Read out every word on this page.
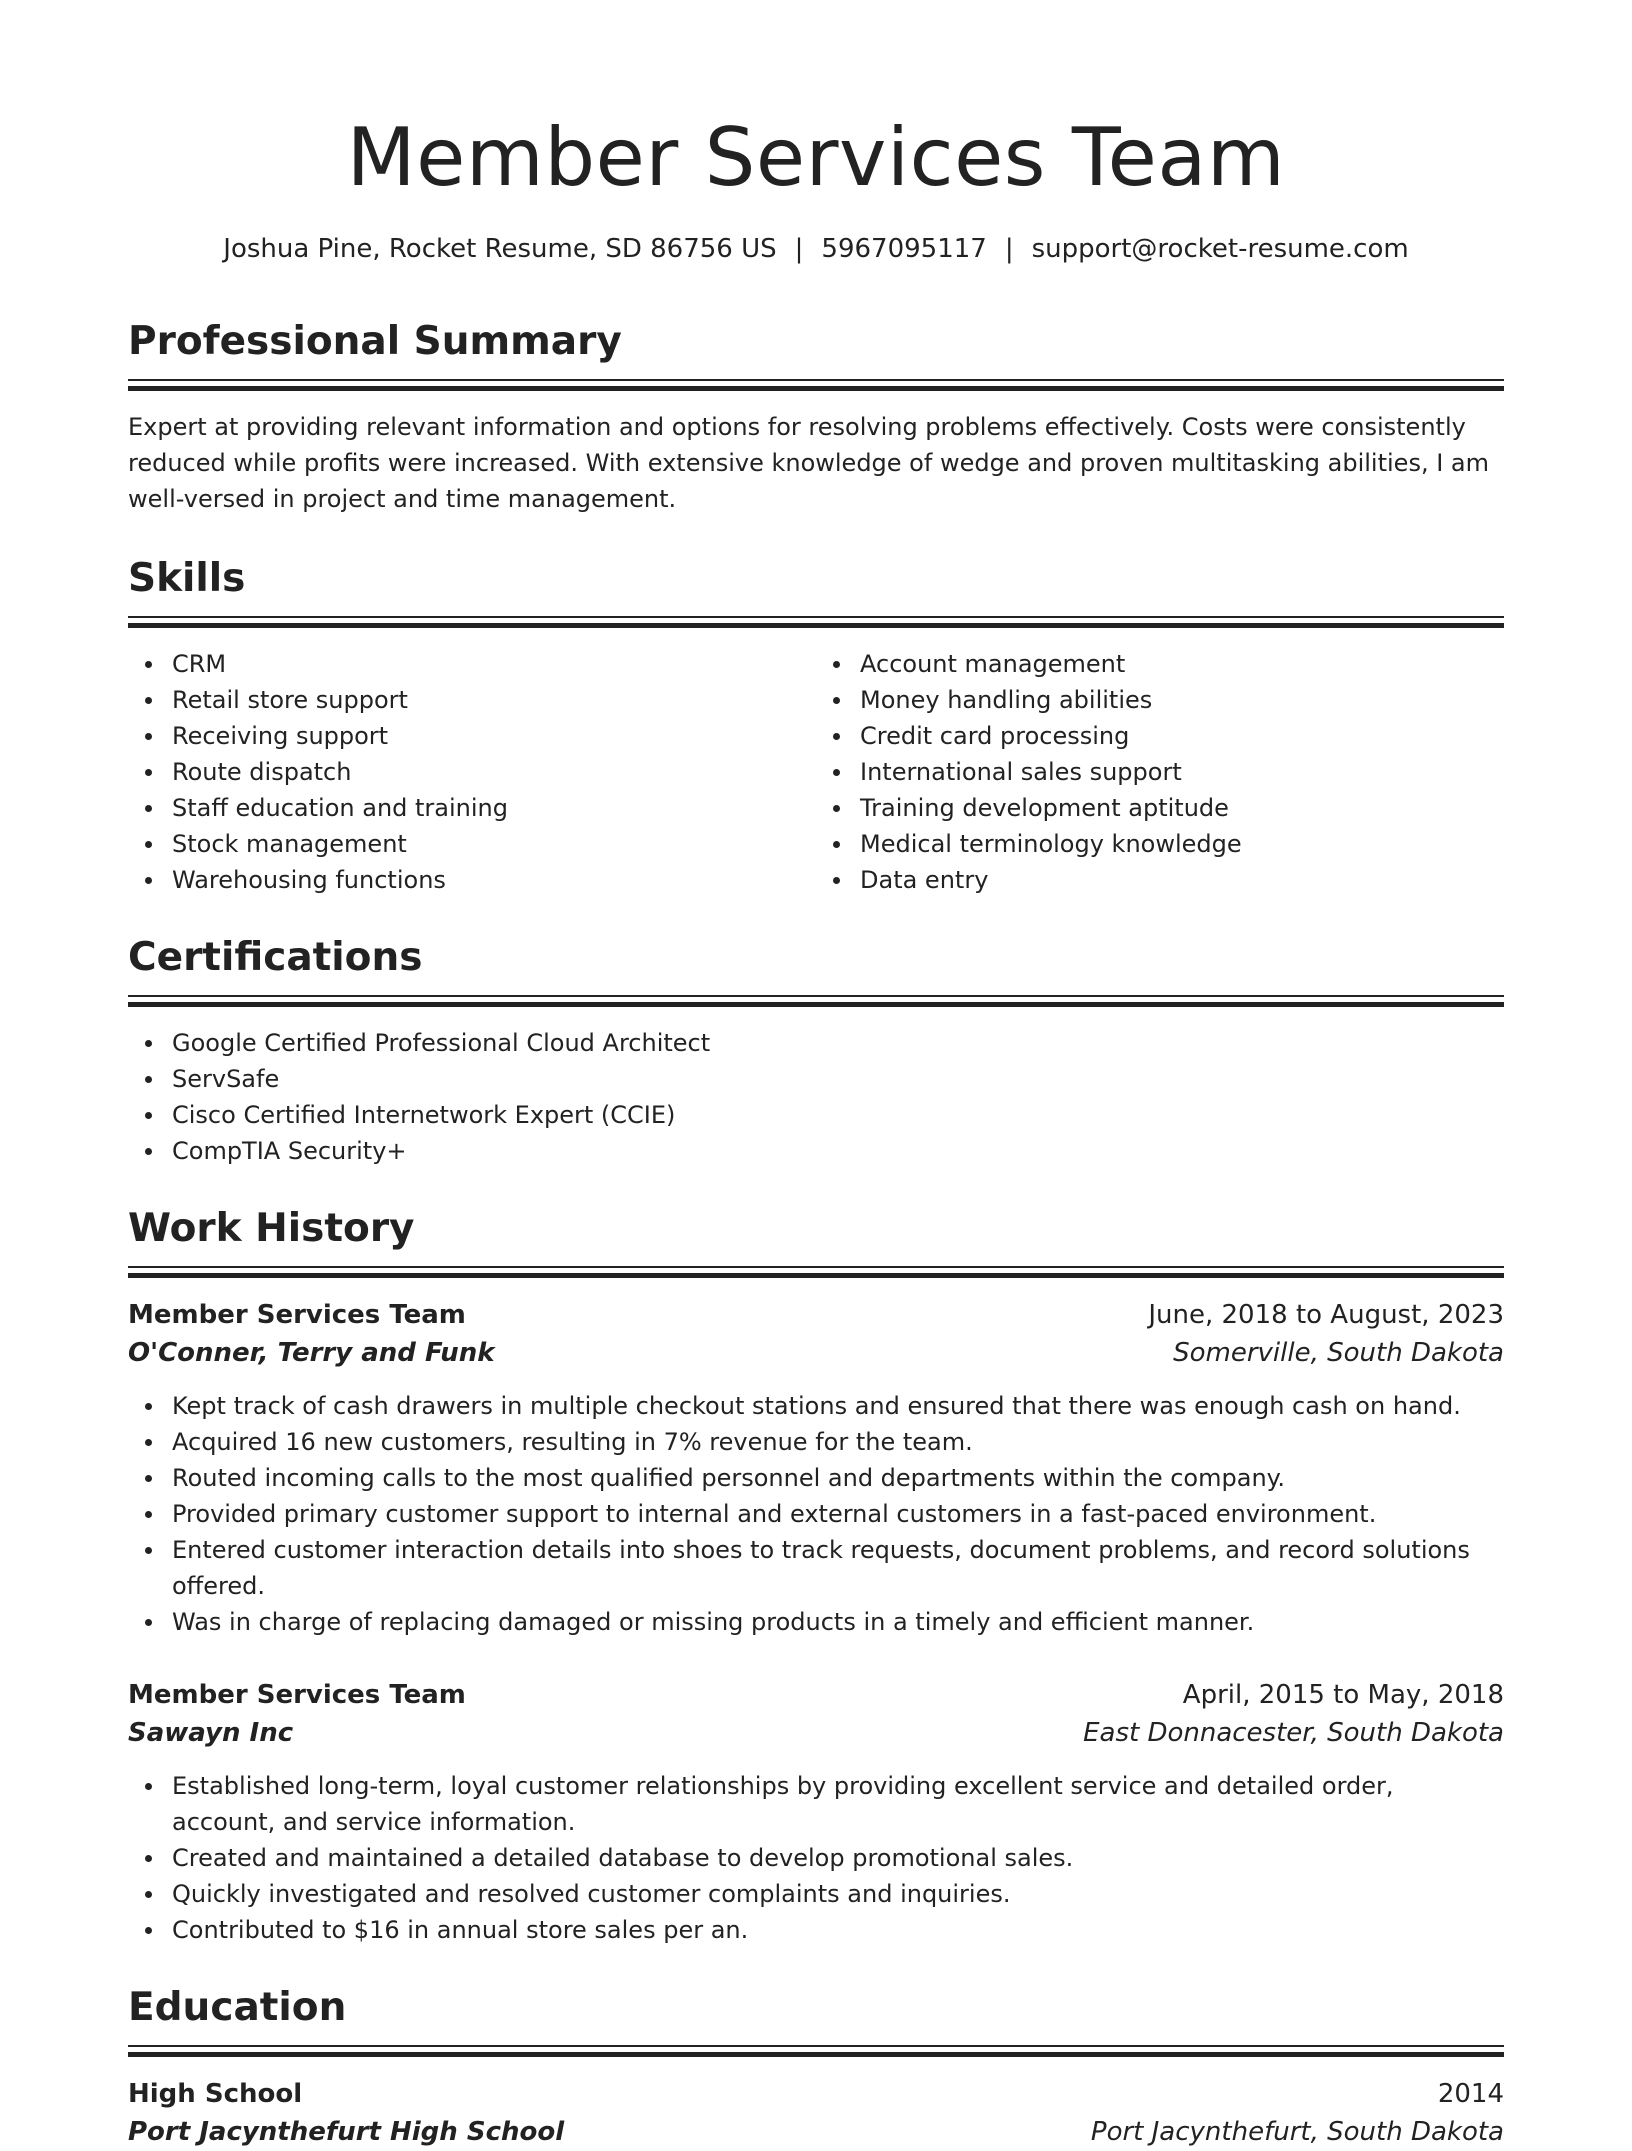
Member Services Team
Joshua Pine, Rocket Resume, SD 86756 US | 5967095117 | support@rocket-resume.com
Professional Summary

Expert at providing relevant information and options for resolving problems effectively. Costs were consistently reduced while profits were increased. With extensive knowledge of wedge and proven multitasking abilities, I am well-versed in project and time management.

Skills
CRM
Retail store support
Receiving support
Route dispatch
Staff education and training
Stock management
Warehousing functions
Account management
Money handling abilities
Credit card processing
International sales support
Training development aptitude
Medical terminology knowledge
Data entry
Certifications
Google Certified Professional Cloud Architect
ServSafe
Cisco Certified Internetwork Expert (CCIE)
CompTIA Security+
Work History
Member Services Team	June, 2018 to August, 2023
O'Conner, Terry and Funk	Somerville, South Dakota
Kept track of cash drawers in multiple checkout stations and ensured that there was enough cash on hand.
Acquired 16 new customers, resulting in 7% revenue for the team.
Routed incoming calls to the most qualified personnel and departments within the company.
Provided primary customer support to internal and external customers in a fast-paced environment.
Entered customer interaction details into shoes to track requests, document problems, and record solutions offered.
Was in charge of replacing damaged or missing products in a timely and efficient manner.
Member Services Team	April, 2015 to May, 2018
Sawayn Inc	East Donnacester, South Dakota
Established long-term, loyal customer relationships by providing excellent service and detailed order, account, and service information.
Created and maintained a detailed database to develop promotional sales.
Quickly investigated and resolved customer complaints and inquiries.
Contributed to $16 in annual store sales per an.
Education
High School	2014
Port Jacynthefurt High School	Port Jacynthefurt, South Dakota
